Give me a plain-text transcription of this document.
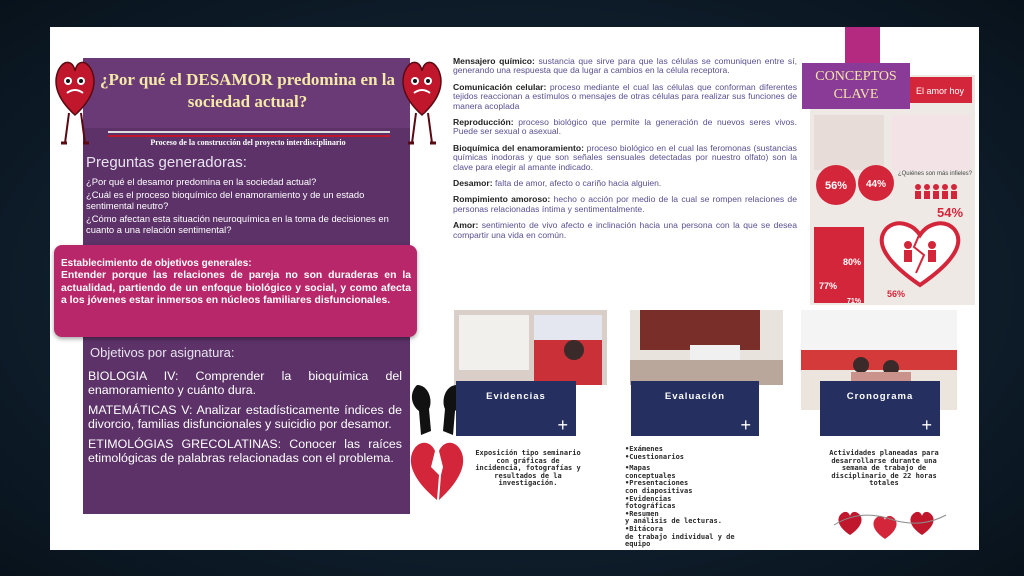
¿Por qué el DESAMOR predomina en la sociedad actual?
Proceso de la construcción del proyecto interdisciplinario
Preguntas generadoras:
¿Por qué el desamor predomina en la sociedad actual?
¿Cuál es el proceso bioquímico del enamoramiento y de un estado sentimental neutro?
¿Cómo afectan esta situación neuroquímica en la toma de decisiones en cuanto a una relación sentimental?
Establecimiento de objetivos generales:
Entender porque las relaciones de pareja no son duraderas en la actualidad, partiendo de un enfoque biológico y social, y como afecta a los jóvenes estar inmersos en núcleos familiares disfuncionales.
Objetivos por asignatura:
BIOLOGIA IV: Comprender la bioquímica del enamoramiento y cuánto dura.
MATEMÁTICAS V: Analizar estadísticamente índices de divorcio, familias disfuncionales y suicidio por desamor.
ETIMOLÓGIAS GRECOLATINAS: Conocer las raíces etimológicas de palabras relacionadas con el problema.
Mensajero químico: sustancia que sirve para que las células se comuniquen entre sí, generando una respuesta que da lugar a cambios en la célula receptora.
Comunicación celular: proceso mediante el cual las células que conforman diferentes tejidos reaccionan a estímulos o mensajes de otras células para realizar sus funciones de manera acoplada
Reproducción: proceso biológico que permite la generación de nuevos seres vivos. Puede ser sexual o asexual.
Bioquímica del enamoramiento: proceso biológico en el cual las feromonas (sustancias químicas inodoras y que son señales sensuales detectadas por nuestro olfato) son la clave para elegir al amante indicado.
Desamor: falta de amor, afecto o cariño hacia alguien.
Rompimiento amoroso: hecho o acción por medio de la cual se rompen relaciones de personas relacionadas íntima y sentimentalmente.
Amor: sentimiento de vivo afecto e inclinación hacia una persona con la que se desea compartir una vida en común.
El amor hoy
56% 44%
¿Quiénes son más infieles?
54%
80%
77%
56%
71%
CONCEPTOS CLAVE
Evidencias
+
Evaluación
+
Cronograma
+
Exposición tipo seminario con gráficas de incidencia, fotografías y resultados de la investigación.
•Exámenes
•Cuestionarios
•Mapas
conceptuales
•Presentaciones
con diapositivas
•Evidencias
fotográficas
•Resumen
y análisis de lecturas.
•Bitácora
de trabajo individual y de
equipo
Actividades planeadas para desarrollarse durante una semana de trabajo de disciplinario de 22 horas totales
